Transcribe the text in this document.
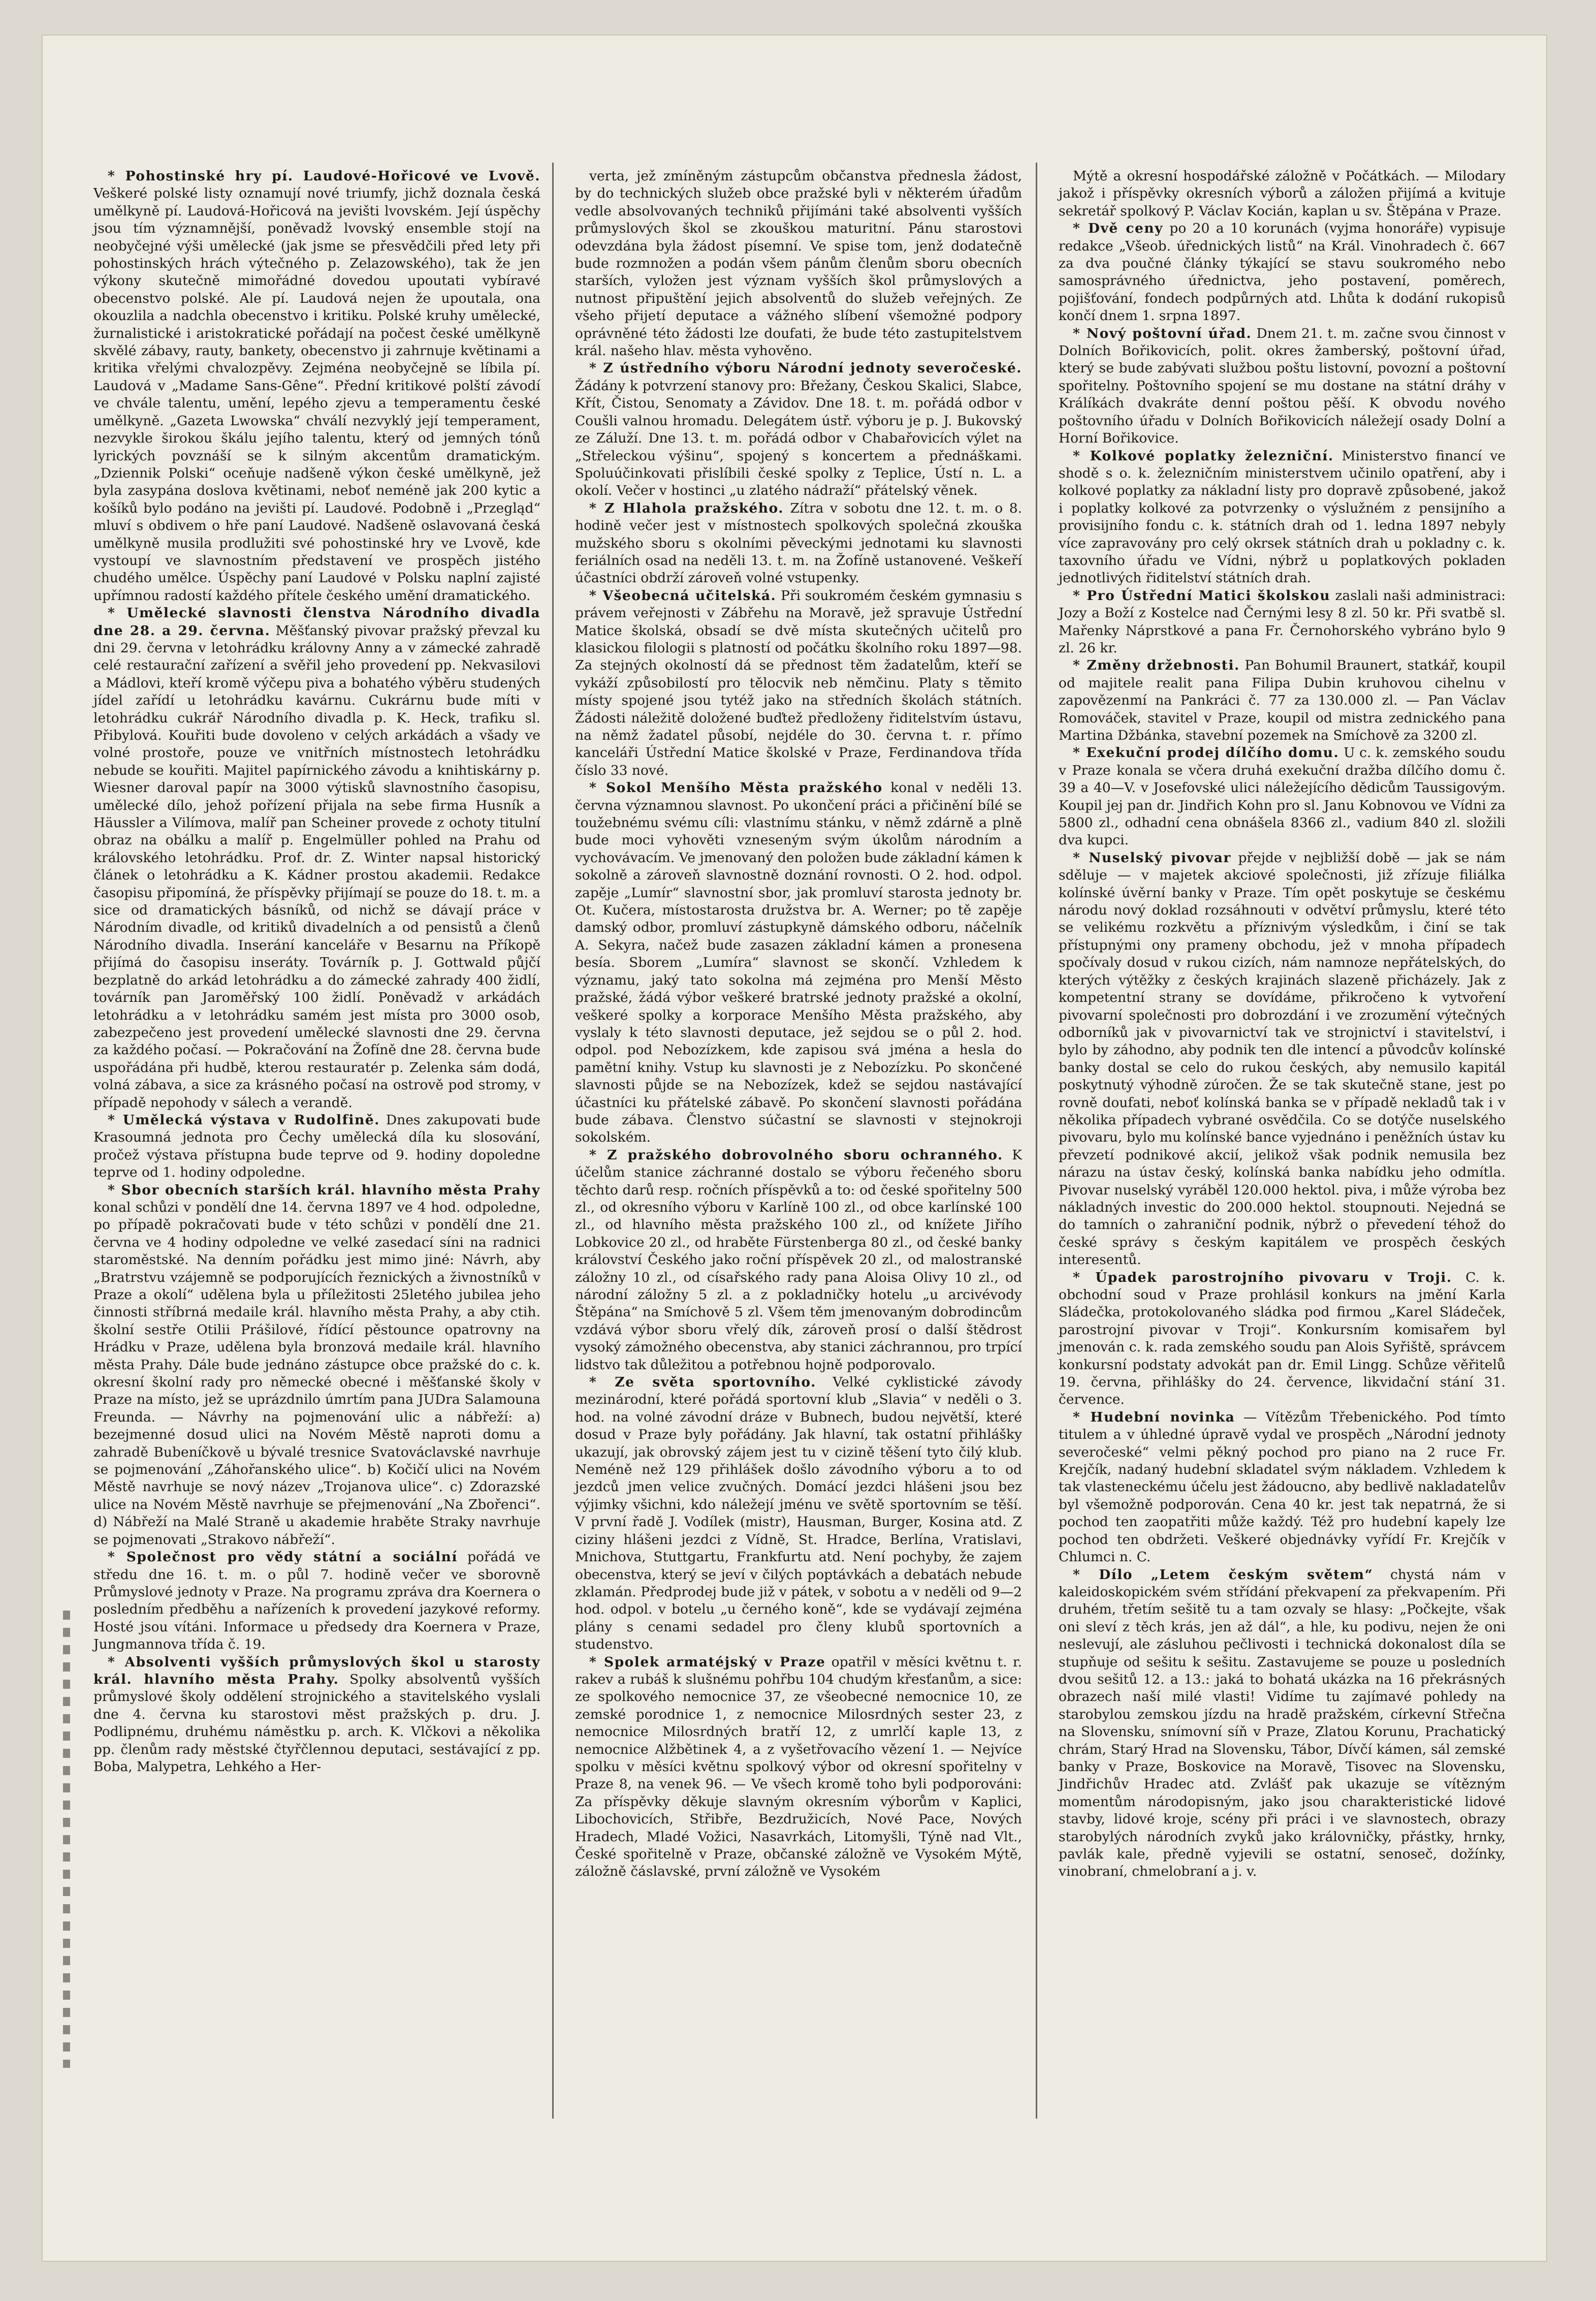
* Pohostinské hry pí. Laudové-Hořicové ve Lvově. Veškeré polské listy oznamují nové triumfy, jichž doznala česká umělkyně pí. Laudová-Hořicová na jevišti lvovském. Její úspěchy jsou tím významnější, poněvadž lvovský ensemble stojí na neobyčejné výši umělecké (jak jsme se přesvědčili před lety při pohostinských hrách výtečného p. Zelazowského), tak že jen výkony skutečně mimořádné dovedou upoutati vybíravé obecenstvo polské. Ale pí. Laudová nejen že upoutala, ona okouzlila a nadchla obecenstvo i kritiku. Polské kruhy umělecké, žurnalistické i aristokratické pořádají na počest české umělkyně skvělé zábavy, rauty, bankety, obecenstvo ji zahrnuje květinami a kritika vřelými chvalozpěvy. Zejména neobyčejně se líbila pí. Laudová v „Madame Sans-Gêne“. Přední kritikové polští závodí ve chvále talentu, umění, lepého zjevu a temperamentu české umělkyně. „Gazeta Lwowska“ chválí nezvyklý její temperament, nezvykle širokou škálu jejího talentu, který od jemných tónů lyrických povznáší se k silným akcentům dramatickým. „Dziennik Polski“ oceňuje nadšeně výkon české umělkyně, jež byla zasypána doslova květinami, neboť neméně jak 200 kytic a košíků bylo podáno na jevišti pí. Laudové. Podobně i „Przegląd“ mluví s obdivem o hře paní Laudové. Nadšeně oslavovaná česká umělkyně musila prodlužiti své pohostinské hry ve Lvově, kde vystoupí ve slavnostním představení ve prospěch jistého chudého umělce. Úspěchy paní Laudové v Polsku naplní zajisté upřímnou radostí každého přítele českého umění dramatického.

* Umělecké slavnosti členstva Národního divadla dne 28. a 29. června. Měšťanský pivovar pražský převzal ku dni 29. června v letohrádku královny Anny a v zámecké zahradě celé restaurační zařízení a svěřil jeho provedení pp. Nekvasilovi a Mádlovi, kteří kromě výčepu piva a bohatého výběru studených jídel zařídí u letohrádku kavárnu. Cukrárnu bude míti v letohrádku cukrář Národního divadla p. K. Heck, trafiku sl. Přibylová. Kouřiti bude dovoleno v celých arkádách a všady ve volné prostoře, pouze ve vnitřních místnostech letohrádku nebude se kouřiti. Majitel papírnického závodu a knihtiskárny p. Wiesner daroval papír na 3000 výtisků slavnostního časopisu, umělecké dílo, jehož pořízení přijala na sebe firma Husník a Häussler a Vilímova, malíř pan Scheiner provede z ochoty titulní obraz na obálku a malíř p. Engelmüller pohled na Prahu od královského letohrádku. Prof. dr. Z. Winter napsal historický článek o letohrádku a K. Kádner prostou akademii. Redakce časopisu připomíná, že příspěvky přijímají se pouze do 18. t. m. a sice od dramatických básníků, od nichž se dávají práce v Národním divadle, od kritiků divadelních a od pensistů a členů Národního divadla. Inserání kanceláře v Besarnu na Příkopě přijímá do časopisu inseráty. Továrník p. J. Gottwald půjčí bezplatně do arkád letohrádku a do zámecké zahrady 400 židlí, továrník pan Jaroměřský 100 židlí. Poněvadž v arkádách letohrádku a v letohrádku samém jest místa pro 3000 osob, zabezpečeno jest provedení umělecké slavnosti dne 29. června za každého počasí. — Pokračování na Žofíně dne 28. června bude uspořádána při hudbě, kterou restauratér p. Zelenka sám dodá, volná zábava, a sice za krásného počasí na ostrově pod stromy, v případě nepohody v sálech a verandě.

* Umělecká výstava v Rudolfině. Dnes zakupovati bude Krasoumná jednota pro Čechy umělecká díla ku slosování, pročež výstava přístupna bude teprve od 9. hodiny dopoledne teprve od 1. hodiny odpoledne.

* Sbor obecních starších král. hlavního města Prahy konal schůzi v pondělí dne 14. června 1897 ve 4 hod. odpoledne, po případě pokračovati bude v této schůzi v pondělí dne 21. června ve 4 hodiny odpoledne ve velké zasedací síni na radnici staroměstské. Na denním pořádku jest mimo jiné: Návrh, aby „Bratrstvu vzájemně se podporujících řeznických a živnostníků v Praze a okolí“ udělena byla u příležitosti 25letého jubilea jeho činnosti stříbrná medaile král. hlavního města Prahy, a aby ctih. školní sestře Otilii Prášilové, řídící pěstounce opatrovny na Hrádku v Praze, udělena byla bronzová medaile král. hlavního města Prahy. Dále bude jednáno zástupce obce pražské do c. k. okresní školní rady pro německé obecné i měšťanské školy v Praze na místo, jež se uprázdnilo úmrtím pana JUDra Salamouna Freunda. — Návrhy na pojmenování ulic a nábřeží: a) bezejmenné dosud ulici na Novém Městě naproti domu a zahradě Bubeníčkově u bývalé tresnice Svatováclavské navrhuje se pojmenování „Záhořanského ulice“. b) Kočičí ulici na Novém Městě navrhuje se nový název „Trojanova ulice“. c) Zdorazské ulice na Novém Městě navrhuje se přejmenování „Na Zbořenci“. d) Nábřeží na Malé Straně u akademie hraběte Straky navrhuje se pojmenovati „Strakovo nábřeží“.

* Společnost pro vědy státní a sociální pořádá ve středu dne 16. t. m. o půl 7. hodině večer ve sborovně Průmyslové jednoty v Praze. Na programu zpráva dra Koernera o posledním předběhu a nařízeních k provedení jazykové reformy. Hosté jsou vítáni. Informace u předsedy dra Koernera v Praze, Jungmannova třída č. 19.

* Absolventi vyšších průmyslových škol u starosty král. hlavního města Prahy. Spolky absolventů vyšších průmyslové školy oddělení strojnického a stavitelského vyslali dne 4. června ku starostovi měst pražských p. dru. J. Podlipnému, druhému náměstku p. arch. K. Vlčkovi a několika pp. členům rady městské čtyřčlennou deputaci, sestávající z pp. Boba, Malypetra, Lehkého a Her-

verta, jež zmíněným zástupcům občanstva přednesla žádost, by do technických služeb obce pražské byli v některém úřadům vedle absolvovaných techniků přijímáni také absolventi vyšších průmyslových škol se zkouškou maturitní. Pánu starostovi odevzdána byla žádost písemní. Ve spise tom, jenž dodatečně bude rozmnožen a podán všem pánům členům sboru obecních starších, vyložen jest význam vyšších škol průmyslových a nutnost připuštění jejich absolventů do služeb veřejných. Ze všeho přijetí deputace a vážného slíbení všemožné podpory oprávněné této žádosti lze doufati, že bude této zastupitelstvem král. našeho hlav. města vyhověno.

* Z ústředního výboru Národní jednoty severočeské. Žádány k potvrzení stanovy pro: Břežany, Českou Skalici, Slabce, Křít, Čistou, Senomaty a Závidov. Dne 18. t. m. pořádá odbor v Coušli valnou hromadu. Delegátem ústř. výboru je p. J. Bukovský ze Záluží. Dne 13. t. m. pořádá odbor v Chabařovicích výlet na „Střeleckou výšinu“, spojený s koncertem a přednáškami. Spoluúčinkovati přislíbili české spolky z Teplice, Ústí n. L. a okolí. Večer v hostinci „u zlatého nádraží“ přátelský věnek.

* Z Hlahola pražského. Zítra v sobotu dne 12. t. m. o 8. hodině večer jest v místnostech spolkových společná zkouška mužského sboru s okolními pěveckými jednotami ku slavnosti feriálních osad na neděli 13. t. m. na Žofíně ustanovené. Veškeří účastníci obdrží zároveň volné vstupenky.

* Všeobecná učitelská. Při soukromém českém gymnasiu s právem veřejnosti v Zábřehu na Moravě, jež spravuje Ústřední Matice školská, obsadí se dvě místa skutečných učitelů pro klasickou filologii s platností od počátku školního roku 1897—98. Za stejných okolností dá se přednost těm žadatelům, kteří se vykáží způsobilostí pro tělocvik neb němčinu. Platy s těmito místy spojené jsou tytéž jako na středních školách státních. Žádosti náležitě doložené buďtež předloženy řiditelstvím ústavu, na němž žadatel působí, nejdéle do 30. června t. r. přímo kanceláři Ústřední Matice školské v Praze, Ferdinandova třída číslo 33 nové.

* Sokol Menšího Města pražského konal v neděli 13. června významnou slavnost. Po ukončení práci a přičinění bílé se toužebnému svému cíli: vlastnímu stánku, v němž zdárně a plně bude moci vyhověti vzneseným svým úkolům národním a vychovávacím. Ve jmenovaný den položen bude základní kámen k sokolně a zároveň slavnostně doznání rovnosti. O 2. hod. odpol. zapěje „Lumír“ slavnostní sbor, jak promluví starosta jednoty br. Ot. Kučera, místostarosta družstva br. A. Werner; po tě zapěje damský odbor, promluví zástupkyně dámského odboru, náčelník A. Sekyra, načež bude zasazen základní kámen a pronesena besía. Sborem „Lumíra“ slavnost se skončí. Vzhledem k významu, jaký tato sokolna má zejména pro Menší Město pražské, žádá výbor veškeré bratrské jednoty pražské a okolní, veškeré spolky a korporace Menšího Města pražského, aby vyslaly k této slavnosti deputace, jež sejdou se o půl 2. hod. odpol. pod Nebozízkem, kde zapisou svá jména a hesla do pamětní knihy. Vstup ku slavnosti je z Nebozízku. Po skončené slavnosti půjde se na Nebozízek, kdež se sejdou nastávající účastníci ku přátelské zábavě. Po skončení slavnosti pořádána bude zábava. Členstvo súčastní se slavnosti v stejnokroji sokolském.

* Z pražského dobrovolného sboru ochranného. K účelům stanice záchranné dostalo se výboru řečeného sboru těchto darů resp. ročních příspěvků a to: od české spořitelny 500 zl., od okresního výboru v Karlíně 100 zl., od obce karlínské 100 zl., od hlavního města pražského 100 zl., od knížete Jiřího Lobkovice 20 zl., od hraběte Fürstenberga 80 zl., od české banky království Českého jako roční příspěvek 20 zl., od malostranské záložny 10 zl., od císařského rady pana Aloisa Olivy 10 zl., od národní záložny 5 zl. a z pokladničky hotelu „u arcivévody Štěpána“ na Smíchově 5 zl. Všem těm jmenovaným dobrodincům vzdává výbor sboru vřelý dík, zároveň prosí o další štědrost vysoký zámožného obecenstva, aby stanici záchrannou, pro trpící lidstvo tak důležitou a potřebnou hojně podporovalo.

* Ze světa sportovního. Velké cyklistické závody mezinárodní, které pořádá sportovní klub „Slavia“ v neděli o 3. hod. na volné závodní dráze v Bubnech, budou největší, které dosud v Praze byly pořádány. Jak hlavní, tak ostatní přihlášky ukazují, jak obrovský zájem jest tu v cizině těšení tyto čilý klub. Neméně než 129 přihlášek došlo závodního výboru a to od jezdců jmen velice zvučných. Domácí jezdci hlášeni jsou bez výjimky všichni, kdo náležejí jménu ve světě sportovním se těší. V první řadě J. Vodílek (mistr), Hausman, Burger, Kosina atd. Z ciziny hlášeni jezdci z Vídně, St. Hradce, Berlína, Vratislavi, Mnichova, Stuttgartu, Frankfurtu atd. Není pochyby, že zajem obecenstva, který se jeví v čilých poptávkách a debatách nebude zklamán. Předprodej bude již v pátek, v sobotu a v neděli od 9—2 hod. odpol. v botelu „u černého koně“, kde se vydávají zejména plány s cenami sedadel pro členy klubů sportovních a studenstvo.

* Spolek armatéjský v Praze opatřil v měsíci květnu t. r. rakev a rubáš k slušnému pohřbu 104 chudým křesťanům, a sice: ze spolkového nemocnice 37, ze všeobecné nemocnice 10, ze zemské porodnice 1, z nemocnice Milosrdných sester 23, z nemocnice Milosrdných bratří 12, z umrlčí kaple 13, z nemocnice Alžbětinek 4, a z vyšetřovacího vězení 1. — Nejvíce spolku v měsíci květnu spolkový výbor od okresní spořitelny v Praze 8, na venek 96. — Ve všech kromě toho byli podporováni: Za příspěvky děkuje slavným okresním výborům v Kaplici, Libochovicích, Střibře, Bezdružicích, Nové Pace, Nových Hradech, Mladé Vožici, Nasavrkách, Litomyšli, Týně nad Vlt., České spořitelně v Praze, občanské záložně ve Vysokém Mýtě, záložně čáslavské, první záložně ve Vysokém

Mýtě a okresní hospodářské záložně v Počátkách. — Milodary jakož i příspěvky okresních výborů a záložen přijímá a kvituje sekretář spolkový P. Václav Kocián, kaplan u sv. Štěpána v Praze.

* Dvě ceny po 20 a 10 korunách (vyjma honoráře) vypisuje redakce „Všeob. úřednických listů“ na Král. Vinohradech č. 667 za dva poučné články týkající se stavu soukromého nebo samosprávného úřednictva, jeho postavení, poměrech, pojišťování, fondech podpůrných atd. Lhůta k dodání rukopisů končí dnem 1. srpna 1897.

* Nový poštovní úřad. Dnem 21. t. m. začne svou činnost v Dolních Bořikovicích, polit. okres žamberský, poštovní úřad, který se bude zabývati službou poštu listovní, povozní a poštovní spořitelny. Poštovního spojení se mu dostane na státní dráhy v Králíkách dvakráte denní poštou pěší. K obvodu nového poštovního úřadu v Dolních Bořikovicích náležejí osady Dolní a Horní Bořikovice.

* Kolkové poplatky železniční. Ministerstvo financí ve shodě s o. k. železničním ministerstvem učinilo opatření, aby i kolkové poplatky za nákladní listy pro dopravě způsobené, jakož i poplatky kolkové za potvrzenky o výslužném z pensijního a provisijního fondu c. k. státních drah od 1. ledna 1897 nebyly více zapravovány pro celý okrsek státních drah u pokladny c. k. taxovního úřadu ve Vídni, nýbrž u poplatkových pokladen jednotlivých řiditelství státních drah.

* Pro Ústřední Matici školskou zaslali naši administraci: Jozy a Boží z Kostelce nad Černými lesy 8 zl. 50 kr. Při svatbě sl. Mařenky Náprstkové a pana Fr. Černohorského vybráno bylo 9 zl. 26 kr.

* Změny držebnosti. Pan Bohumil Braunert, statkář, koupil od majitele realit pana Filipa Dubin kruhovou cihelnu v zapovězenmí na Pankráci č. 77 za 130.000 zl. — Pan Václav Romováček, stavitel v Praze, koupil od mistra zednického pana Martina Džbánka, stavební pozemek na Smíchově za 3200 zl.

* Exekuční prodej dílčího domu. U c. k. zemského soudu v Praze konala se včera druhá exekuční dražba dílčího domu č. 39 a 40—V. v Josefovské ulici náležejícího dědicům Taussigovým. Koupil jej pan dr. Jindřich Kohn pro sl. Janu Kobnovou ve Vídni za 5800 zl., odhadní cena obnášela 8366 zl., vadium 840 zl. složili dva kupci.

* Nuselský pivovar přejde v nejbližší době — jak se nám sděluje — v majetek akciové společnosti, již zřízuje filiálka kolínské úvěrní banky v Praze. Tím opět poskytuje se českému národu nový doklad rozsáhnouti v odvětví průmyslu, které této se velikému rozkvětu a příznivým výsledkům, i činí se tak přístupnými ony prameny obchodu, jež v mnoha případech spočívaly dosud v rukou cizích, nám namnoze nepřátelských, do kterých výtěžky z českých krajinách slazeně přicházely. Jak z kompetentní strany se dovídáme, přikročeno k vytvoření pivovarní společnosti pro dobrozdání i ve zrozumění výtečných odborníků jak v pivovarnictví tak ve strojnictví i stavitelství, i bylo by záhodno, aby podnik ten dle intencí a původcův kolínské banky dostal se celo do rukou českých, aby nemusilo kapitál poskytnutý výhodně zúročen. Že se tak skutečně stane, jest po rovně doufati, neboť kolínská banka se v případě nekladů tak i v několika případech vybrané osvědčila. Co se dotýče nuselského pivovaru, bylo mu kolínské bance vyjednáno i peněžních ústav ku převzetí podnikové akcií, jelikož však podnik nemusila bez nárazu na ústav český, kolínská banka nabídku jeho odmítla. Pivovar nuselský vyráběl 120.000 hektol. piva, i může výroba bez nákladných investic do 200.000 hektol. stoupnouti. Nejedná se do tamních o zahraniční podnik, nýbrž o převedení téhož do české správy s českým kapitálem ve prospěch českých interesentů.

* Úpadek parostrojního pivovaru v Troji. C. k. obchodní soud v Praze prohlásil konkurs na jmění Karla Sládečka, protokolovaného sládka pod firmou „Karel Sládeček, parostrojní pivovar v Troji“. Konkursním komisařem byl jmenován c. k. rada zemského soudu pan Alois Syřiště, správcem konkursní podstaty advokát pan dr. Emil Lingg. Schůze věřitelů 19. června, přihlášky do 24. července, likvidační stání 31. července.

* Hudební novinka — Vítězům Třebenického. Pod tímto titulem a v úhledné úpravě vydal ve prospěch „Národní jednoty severočeské“ velmi pěkný pochod pro piano na 2 ruce Fr. Krejčík, nadaný hudební skladatel svým nákladem. Vzhledem k tak vlasteneckému účelu jest žádoucno, aby bedlivě nakladatelův byl všemožně podporován. Cena 40 kr. jest tak nepatrná, že si pochod ten zaopatřiti může každý. Též pro hudební kapely lze pochod ten obdržeti. Veškeré objednávky vyřídí Fr. Krejčík v Chlumci n. C.

* Dílo „Letem českým světem“ chystá nám v kaleidoskopickém svém střídání překvapení za překvapením. Při druhém, třetím sešitě tu a tam ozvaly se hlasy: „Počkejte, však oni sleví z těch krás, jen až dál“, a hle, ku podivu, nejen že oni neslevují, ale zásluhou pečlivosti i technická dokonalost díla se stupňuje od sešitu k sešitu. Zastavujeme se pouze u posledních dvou sešitů 12. a 13.: jaká to bohatá ukázka na 16 překrásných obrazech naší milé vlasti! Vidíme tu zajímavé pohledy na starobylou zemskou jízdu na hradě pražském, církevní Střečna na Slovensku, snímovní síň v Praze, Zlatou Korunu, Prachatický chrám, Starý Hrad na Slovensku, Tábor, Dívčí kámen, sál zemské banky v Praze, Boskovice na Moravě, Tisovec na Slovensku, Jindřichův Hradec atd. Zvlášť pak ukazuje se vítězným momentům národopisným, jako jsou charakteristické lidové stavby, lidové kroje, scény při práci i ve slavnostech, obrazy starobylých národních zvyků jako královničky, přástky, hrnky, pavlák kale, předně vyjevili se ostatní, senoseč, dožínky, vinobraní, chmelobraní a j. v.
